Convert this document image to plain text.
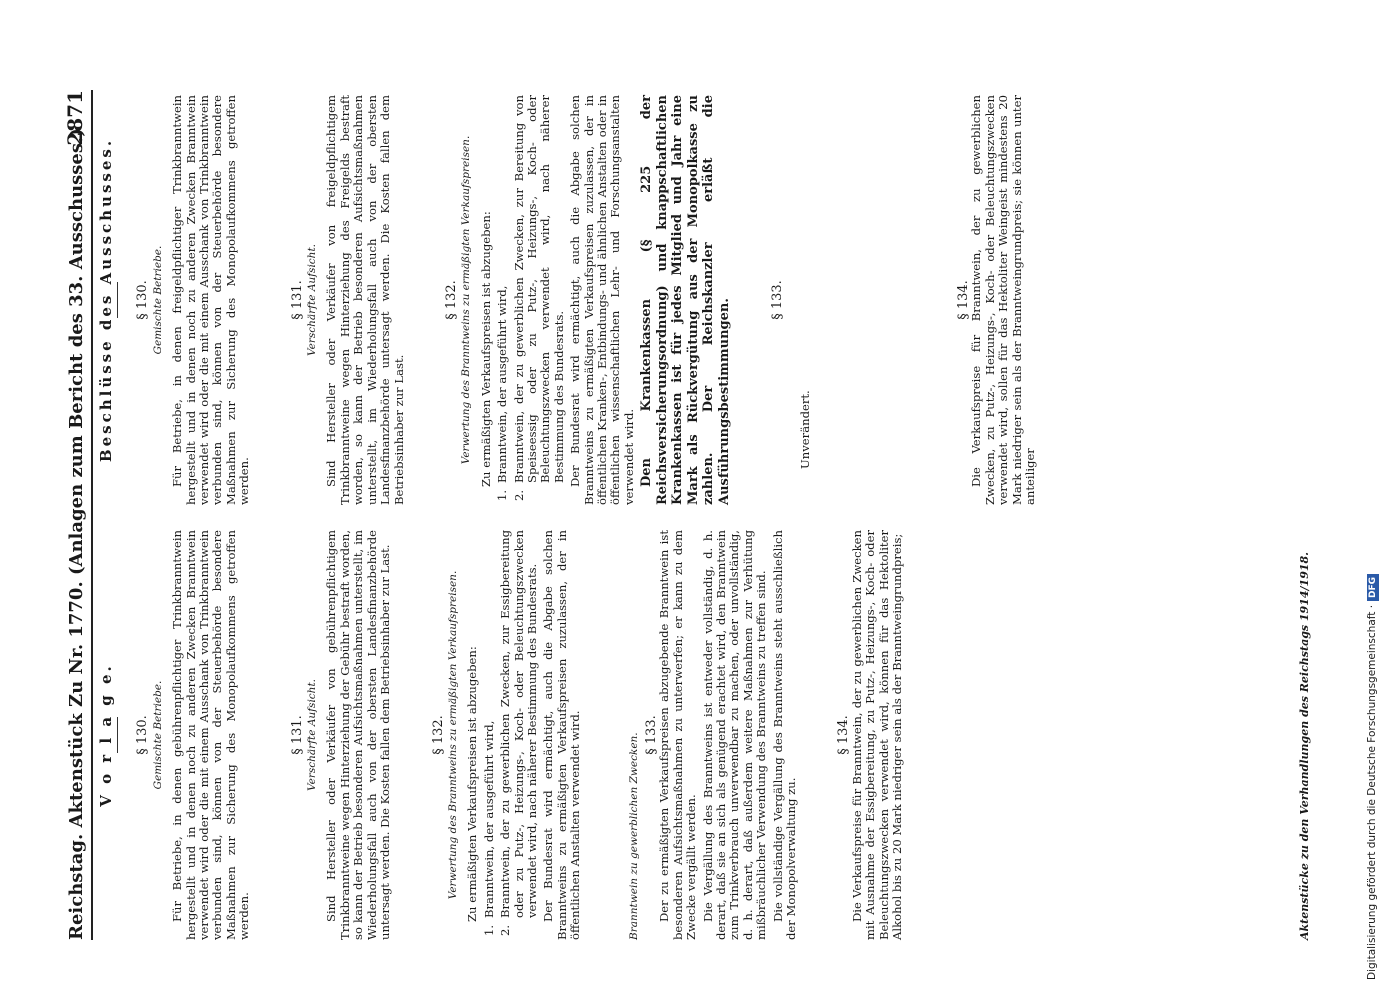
Reichstag. Aktenstück Zu Nr. 1770. (Anlagen zum Bericht des 33. Ausschusses.)
2871
V o r l a g e. § 130. Gemischte Betriebe. Für Betriebe, in denen gebührenpflichtiger Trinkbranntwein hergestellt und in denen noch zu anderen Zwecken Branntwein verwendet wird oder die mit einem Ausschank von Trinkbranntwein verbunden sind, können von der Steuerbehörde besondere Maßnahmen zur Sicherung des Monopolaufkommens getroffen werden.

§ 131. Verschärfte Aufsicht. Sind Hersteller oder Verkäufer von gebührenpflichtigem Trinkbranntweine wegen Hinterziehung der Gebühr bestraft worden, so kann der Betrieb besonderen Aufsichtsmaßnahmen unterstellt, im Wiederholungsfall auch von der obersten Landesfinanzbehörde untersagt werden. Die Kosten fallen dem Betriebsinhaber zur Last.	§ 132. Verwertung des Branntweins zu ermäßigten Verkaufspreisen. Zu ermäßigten Verkaufspreisen ist abzugeben:

1.
Branntwein, der ausgeführt wird,

2.
Branntwein, der zu gewerblichen Zwecken, zur Essigbereitung oder zu Putz-, Heizungs-, Koch- oder Beleuchtungszwecken verwendet wird, nach näherer Bestimmung des Bundesrats. Der Bundesrat wird ermächtigt, auch die Abgabe solchen Branntweins zu ermäßigten Verkaufspreisen zuzulassen, der in öffentlichen Anstalten verwendet wird.	Branntwein zu gewerblichen Zwecken. § 133.

Der zu ermäßigten Verkaufspreisen abzugebende Branntwein ist besonderen Aufsichtsmaßnahmen zu unterwerfen; er kann zu dem Zwecke vergällt werden. Die Vergällung des Branntweins ist entweder vollständig, d. h. derart, daß sie an sich als genügend erachtet wird, den Branntwein zum Trinkverbrauch unverwendbar zu machen, oder unvollständig, d. h. derart, daß außerdem weitere Maßnahmen zur Verhütung mißbräuchlicher Verwendung des Branntweins zu treffen sind. Die vollständige Vergällung des Branntweins steht ausschließlich der Monopolverwaltung zu.

§ 134.

Die Verkaufspreise für Branntwein, der zu gewerblichen Zwecken mit Ausnahme der Essigbereitung, zu Putz-, Heizungs-, Koch- oder Beleuchtungszwecken verwendet wird, können für das Hektoliter Alkohol bis zu 20 Mark niedriger sein als der Branntweingrundpreis;

Beschlüsse des Ausschusses. § 130. Gemischte Betriebe. Für Betriebe, in denen freigeldpflichtiger Trinkbranntwein hergestellt und in denen noch zu anderen Zwecken Branntwein verwendet wird oder die mit einem Ausschank von Trinkbranntwein verbunden sind, können von der Steuerbehörde besondere Maßnahmen zur Sicherung des Monopolaufkommens getroffen werden.

§ 131. Verschärfte Aufsicht. Sind Hersteller oder Verkäufer von freigeldpflichtigem Trinkbranntweine wegen Hinterziehung des Freigelds bestraft worden, so kann der Betrieb besonderen Aufsichtsmaßnahmen unterstellt, im Wiederholungsfall auch von der obersten Landesfinanzbehörde untersagt werden. Die Kosten fallen dem Betriebsinhaber zur Last.

§ 132. Verwertung des Branntweins zu ermäßigten Verkaufspreisen. Zu ermäßigten Verkaufspreisen ist abzugeben:

1.
Branntwein, der ausgeführt wird,

2.
Branntwein, der zu gewerblichen Zwecken, zur Bereitung von Speiseessig oder zu Putz-, Heizungs-, Koch- oder Beleuchtungszwecken verwendet wird, nach näherer Bestimmung des Bundesrats. Der Bundesrat wird ermächtigt, auch die Abgabe solchen Branntweins zu ermäßigten Verkaufspreisen zuzulassen, der in öffentlichen Kranken-, Entbindungs- und ähnlichen Anstalten oder in öffentlichen wissenschaftlichen Lehr- und Forschungsanstalten verwendet wird. Den Krankenkassen (§ 225 der Reichsversicherungsordnung) und knappschaftlichen Krankenkassen ist für jedes Mitglied und Jahr eine Mark als Rückvergütung aus der Monopolkasse zu zahlen. Der Reichskanzler erläßt die Ausführungsbestimmungen.	§ 133.

Unverändert.

§ 134.

Die Verkaufspreise für Branntwein, der zu gewerblichen Zwecken, zu Putz-, Heizungs-, Koch- oder Beleuchtungszwecken verwendet wird, sollen für das Hektoliter Weingeist mindestens 20 Mark niedriger sein als der Branntweingrundpreis; sie können unter anteiliger

Aktenstücke zu den Verhandlungen des Reichstags 1914/1918.	Digitalisierung gefördert durch die Deutsche Forschungsgemeinschaft ·DFG
